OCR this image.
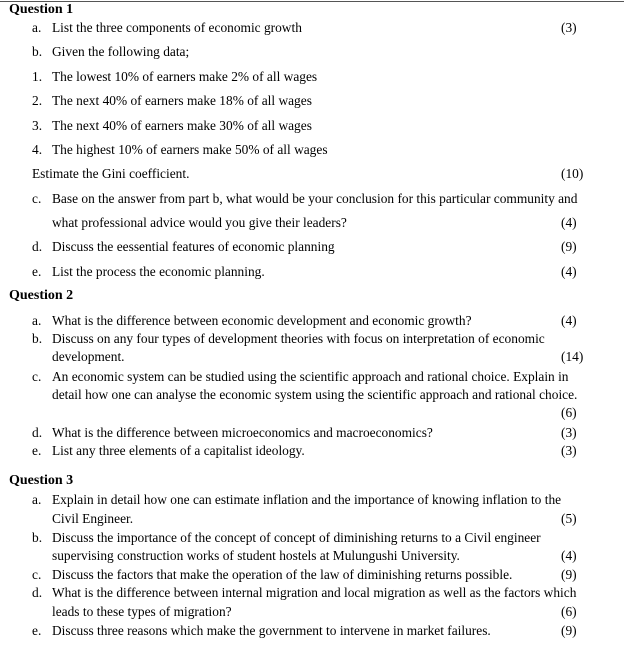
Question 1
a. List the three components of economic growth	(3)
b. Given the following data;
1. The lowest 10% of earners make 2% of all wages
2. The next 40% of earners make 18% of all wages
3. The next 40% of earners make 30% of all wages
4. The highest 10% of earners make 50% of all wages
Estimate the Gini coefficient.	(10)
c. Base on the answer from part b, what would be your conclusion for this particular community and
what professional advice would you give their leaders?	(4)
d. Discuss the eessential features of economic planning	(9)
e. List the process the economic planning.	(4)
Question 2
a. What is the difference between economic development and economic growth?	(4)
b. Discuss on any four types of development theories with focus on interpretation of economic
development.	(14)
c. An economic system can be studied using the scientific approach and rational choice. Explain in
detail how one can analyse the economic system using the scientific approach and rational choice.
(6)
d. What is the difference between microeconomics and macroeconomics?	(3)
e. List any three elements of a capitalist ideology.	(3)
Question 3
a. Explain in detail how one can estimate inflation and the importance of knowing inflation to the
Civil Engineer.	(5)
b. Discuss the importance of the concept of concept of diminishing returns to a Civil engineer
supervising construction works of student hostels at Mulungushi University.	(4)
c. Discuss the factors that make the operation of the law of diminishing returns possible.	(9)
d. What is the difference between internal migration and local migration as well as the factors which
leads to these types of migration?	(6)
e. Discuss three reasons which make the government to intervene in market failures.	(9)
